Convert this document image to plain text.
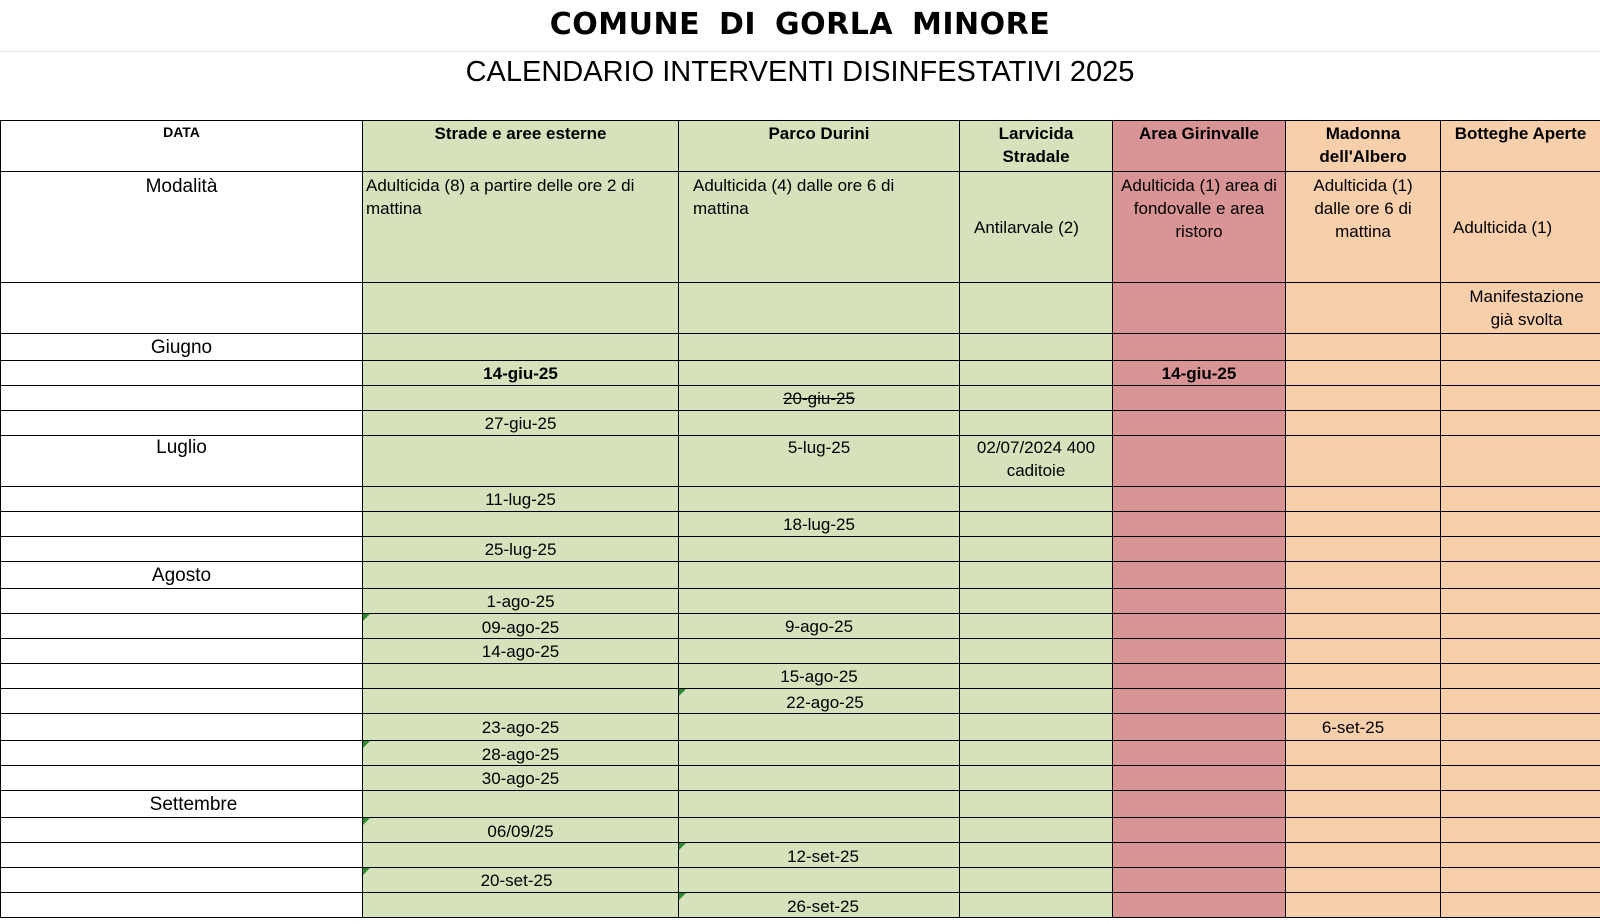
COMUNE DI GORLA MINORE
CALENDARIO INTERVENTI DISINFESTATIVI 2025
DATA	Strade e aree esterne	Parco Durini	Larvicida Stradale	Area Girinvalle	Madonna dell'Albero	Botteghe Aperte
Modalità	Adulticida (8) a partire delle ore 2 di mattina	Adulticida (4) dalle ore 6 di mattina	Antilarvale (2)	Adulticida (1) area di fondovalle e area ristoro	Adulticida (1) dalle ore 6 di mattina	Adulticida (1)
						Manifestazione già svolta
Giugno						
	14-giu-25			14-giu-25		
		20-giu-25				
	27-giu-25					
Luglio		5-lug-25	02/07/2024 400 caditoie			
	11-lug-25					
		18-lug-25				
	25-lug-25					
Agosto						
	1-ago-25					
	09-ago-25	9-ago-25				
	14-ago-25					
		15-ago-25				
		22-ago-25				
	23-ago-25				6-set-25	
	28-ago-25					
	30-ago-25					
Settembre						
	06/09/25					
		12-set-25				
	20-set-25					
		26-set-25				
